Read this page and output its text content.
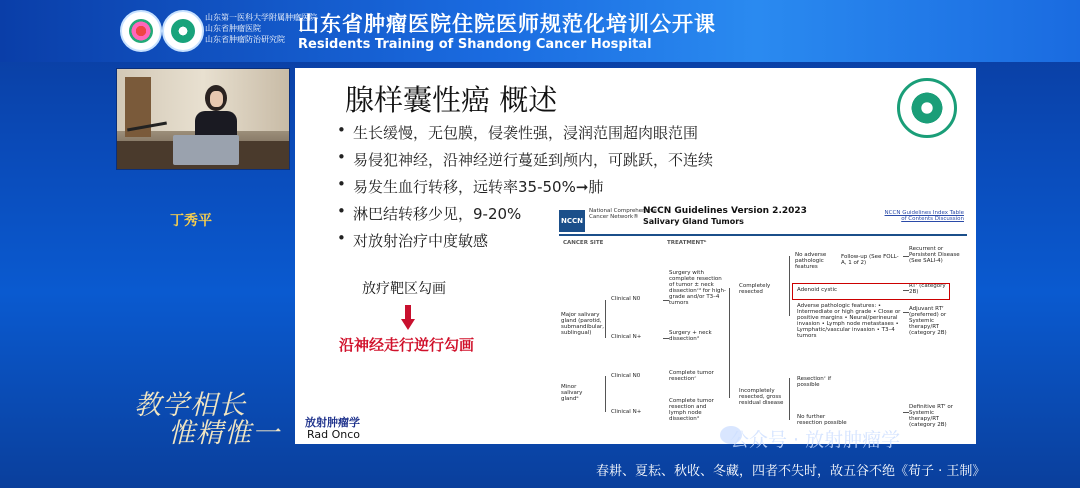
山东第一医科大学附属肿瘤医院
山东省肿瘤医院
山东省肿瘤防治研究院
山东省肿瘤医院住院医师规范化培训公开课
Residents Training of Shandong Cancer Hospital
丁秀平
教学相长
惟精惟一
腺样囊性癌 概述
• 生长缓慢，无包膜，侵袭性强，浸润范围超肉眼范围
• 易侵犯神经，沿神经逆行蔓延到颅内，可跳跃，不连续
• 易发生血行转移，远转率35-50%➞肺
• 淋巴结转移少见，9-20%
• 对放射治疗中度敏感
放疗靶区勾画
沿神经走行逆行勾画
放射肿瘤学
Rad Onco
NCCN
National Comprehensive Cancer Network®
NCCN Guidelines Version 2.2023
Salivary Gland Tumors
NCCN Guidelines Index Table of Contents Discussion
CANCER SITE	TREATMENTᵇ
Major salivary gland (parotid, submandibular, sublingual)
Minor salivary glandᵉ
Clinical N0
Clinical N+
Clinical N0
Clinical N+
Surgery with complete resection of tumor ± neck dissectionᶜᵈ for high-grade and/or T3–4 tumors
Surgery + neck dissectionᵈ
Complete tumor resectionᶜ
Complete tumor resection and lymph node dissectionᵈ
Completely resected
Incompletely resected, gross residual disease
No adverse pathologic features
Follow-up (See FOLL-A, 1 of 2)
Recurrent or Persistent Disease (See SALI-4)
Adenoid cystic
RTᶠ (category 2B)
Adverse pathologic features: • Intermediate or high grade • Close or positive margins • Neural/perineural invasion • Lymph node metastases • Lymphatic/vascular invasion • T3–4 tumors
Adjuvant RTᶠ (preferred) or Systemic therapy/RT (category 2B)
Resectionᶜ if possible
No further resection possible
Definitive RTᶠ or Systemic therapy/RT (category 2B)
公众号 · 放射肿瘤学
春耕、夏耘、秋收、冬藏，四者不失时，故五谷不绝《荀子 · 王制》
